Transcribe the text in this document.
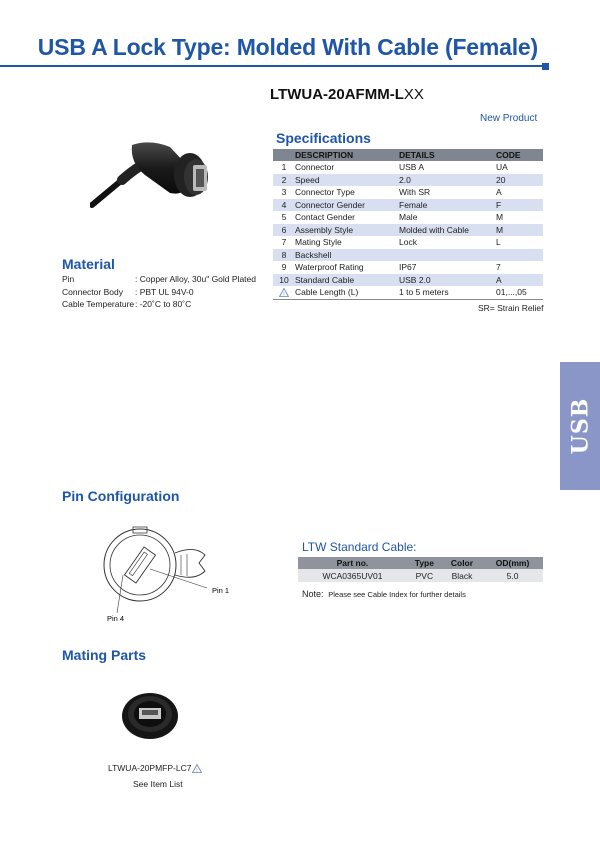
USB A Lock Type: Molded With Cable (Female)
LTWUA-20AFMM-LXX
New Product
Specifications
	DESCRIPTION	DETAILS	CODE
1	Connector	USB A	UA
2	Speed	2.0	20
3	Connector Type	With SR	A
4	Connector Gender	Female	F
5	Contact Gender	Male	M
6	Assembly Style	Molded with Cable	M
7	Mating Style	Lock	L
8	Backshell		
9	Waterproof Rating	IP67	7
10	Standard Cable	USB 2.0	A

!	Cable Length (L)	1 to 5 meters	01,...,05
SR= Strain Relief
Material
Pin	: Copper Alloy, 30u" Gold Plated
Connector Body : PBT UL 94V-0
Cable Temperature: -20˚C to 80˚C
USB
Pin Configuration
Pin 1
Pin 4
LTW Standard Cable:
Part no.	Type	Color	OD(mm)
WCA0365UV01	PVC	Black	5.0
Note: Please see Cable Index for further details
Mating Parts
LTWUA-20PMFP-LC7 !
See Item List
